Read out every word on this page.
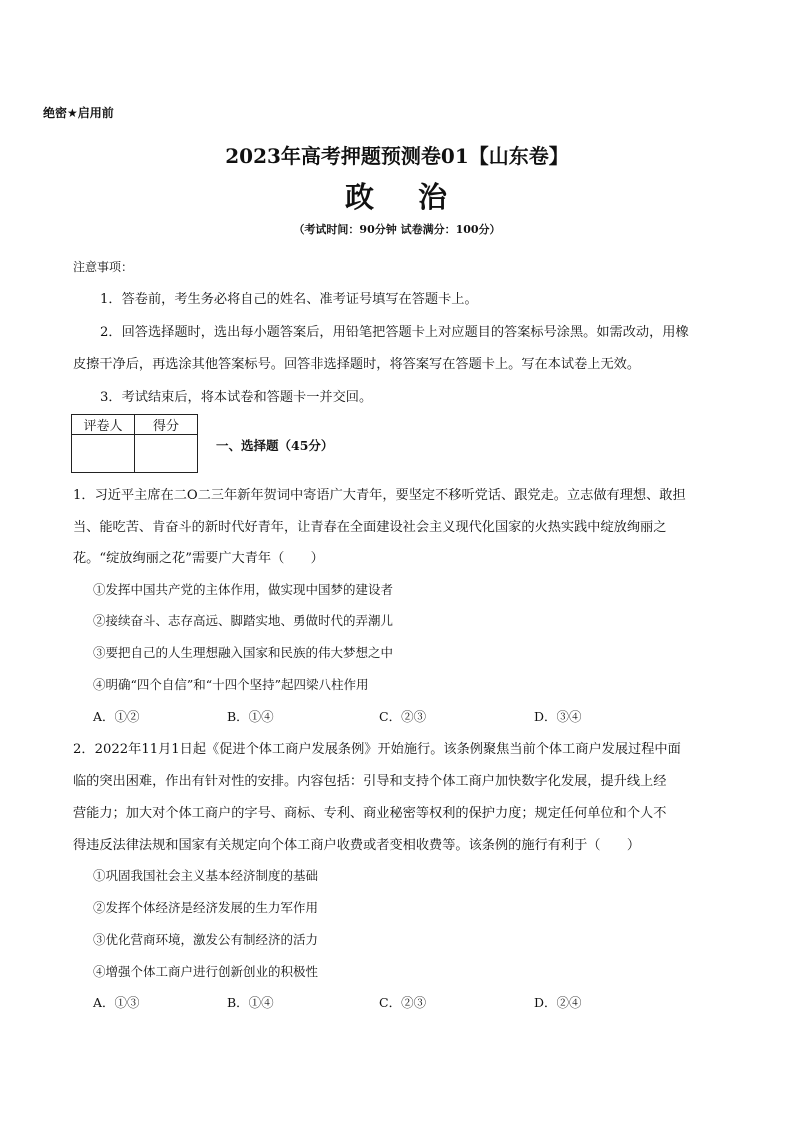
绝密★启用前
2023年高考押题预测卷01【山东卷】
政 治
（考试时间：90分钟 试卷满分：100分）
注意事项：
1．答卷前，考生务必将自己的姓名、准考证号填写在答题卡上。
2．回答选择题时，选出每小题答案后，用铅笔把答题卡上对应题目的答案标号涂黑。如需改动，用橡
皮擦干净后，再选涂其他答案标号。回答非选择题时，将答案写在答题卡上。写在本试卷上无效。
3．考试结束后，将本试卷和答题卡一并交回。
评卷人	得分

一、选择题（45分）
1．习近平主席在二O二三年新年贺词中寄语广大青年，要坚定不移听党话、跟党走。立志做有理想、敢担
当、能吃苦、肯奋斗的新时代好青年，让青春在全面建设社会主义现代化国家的火热实践中绽放绚丽之
花。“绽放绚丽之花”需要广大青年（　　）
①发挥中国共产党的主体作用，做实现中国梦的建设者
②接续奋斗、志存高远、脚踏实地、勇做时代的弄潮儿
③要把自己的人生理想融入国家和民族的伟大梦想之中
④明确“四个自信”和“十四个坚持”起四梁八柱作用
A．①②	B．①④	C．②③	D．③④
2．2022年11月1日起《促进个体工商户发展条例》开始施行。该条例聚焦当前个体工商户发展过程中面
临的突出困难，作出有针对性的安排。内容包括：引导和支持个体工商户加快数字化发展，提升线上经
营能力；加大对个体工商户的字号、商标、专利、商业秘密等权利的保护力度；规定任何单位和个人不
得违反法律法规和国家有关规定向个体工商户收费或者变相收费等。该条例的施行有利于（　　）
①巩固我国社会主义基本经济制度的基础
②发挥个体经济是经济发展的生力军作用
③优化营商环境，激发公有制经济的活力
④增强个体工商户进行创新创业的积极性
A．①③	B．①④	C．②③	D．②④
